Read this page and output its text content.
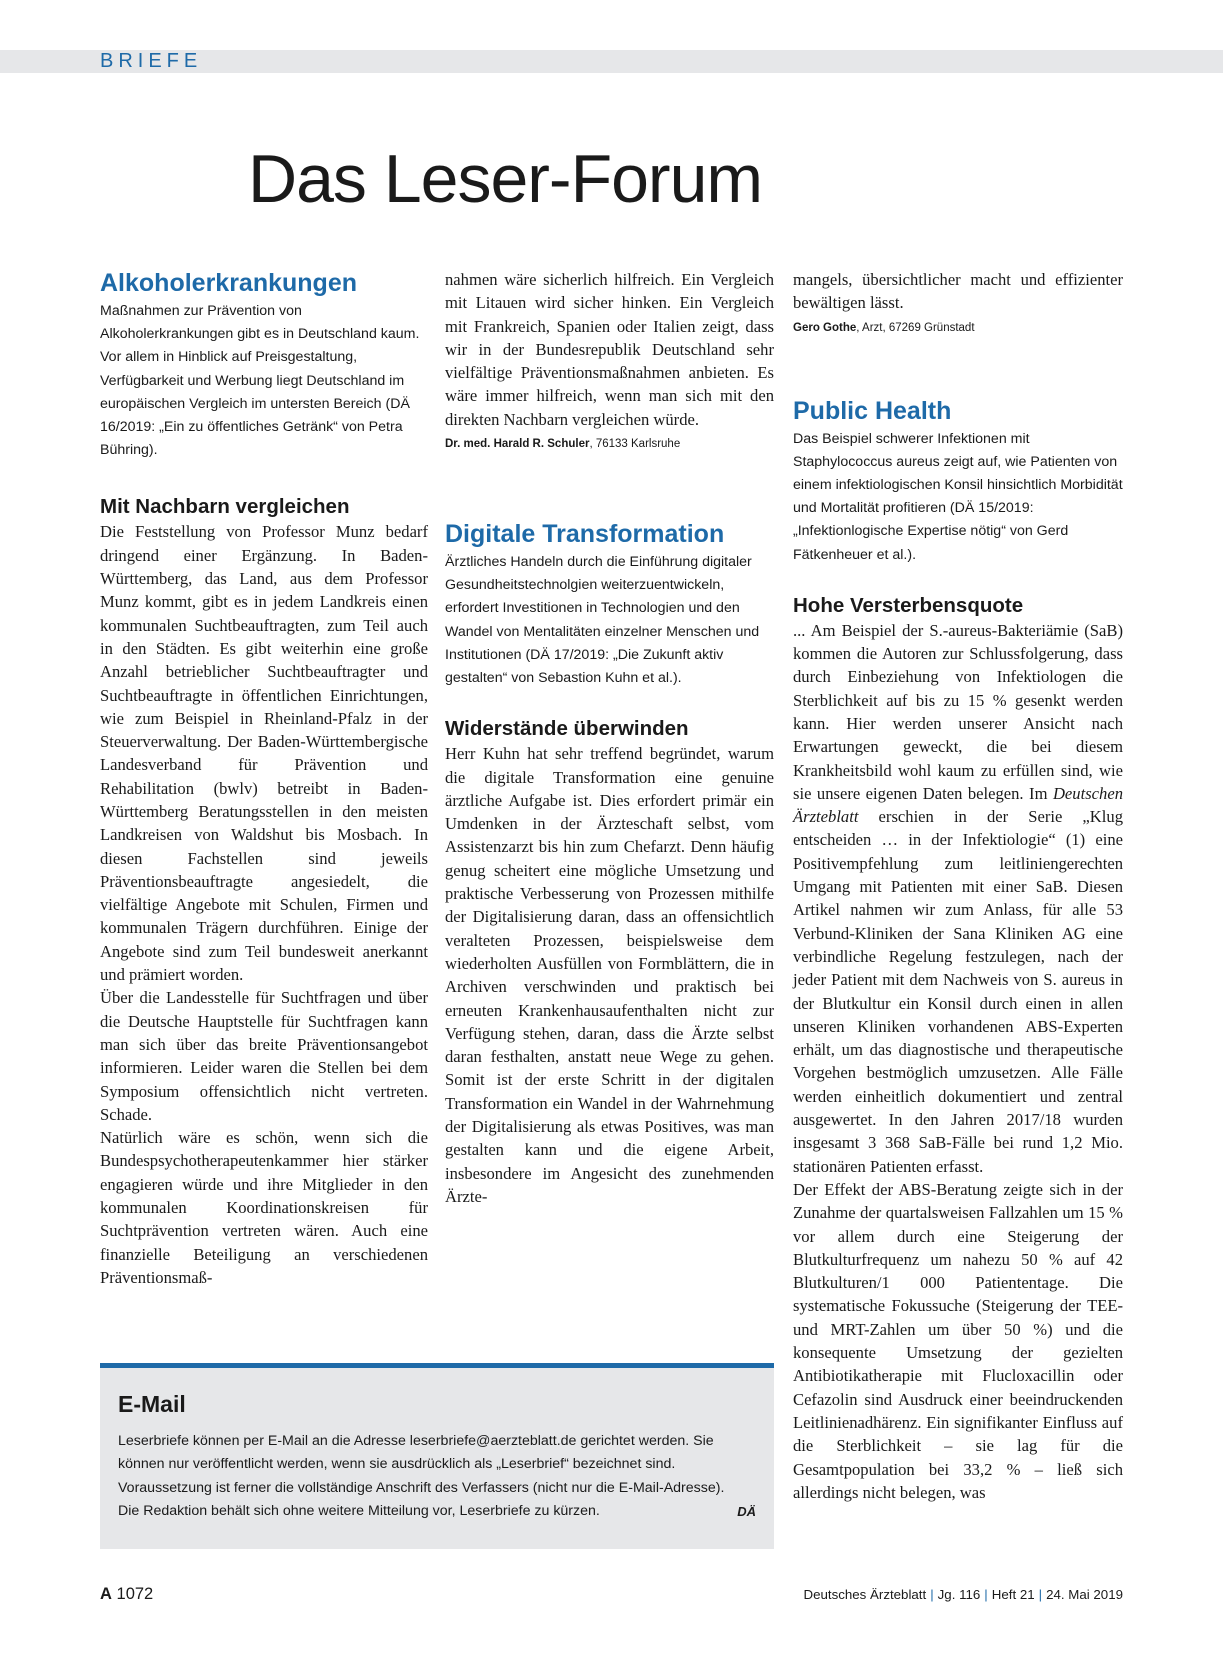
BRIEFE
Das Leser-Forum
Alkoholerkrankungen

Maßnahmen zur Prävention von Alkoholerkrankungen gibt es in Deutschland kaum. Vor allem in Hinblick auf Preisgestaltung, Verfügbarkeit und Werbung liegt Deutschland im europäischen Vergleich im untersten Bereich (DÄ 16/2019: „Ein zu öffentliches Getränk“ von Petra Bühring).

Mit Nachbarn vergleichen

Die Feststellung von Professor Munz bedarf dringend einer Ergänzung. In Baden-Württemberg, das Land, aus dem Professor Munz kommt, gibt es in jedem Landkreis einen kommunalen Suchtbeauftragten, zum Teil auch in den Städten. Es gibt weiterhin eine große Anzahl betrieblicher Suchtbeauftragter und Suchtbeauftragte in öffentlichen Einrichtungen, wie zum Beispiel in Rheinland-Pfalz in der Steuerverwaltung. Der Baden-Württembergische Landesverband für Prävention und Rehabilitation (bwlv) betreibt in Baden-Württemberg Beratungsstellen in den meisten Landkreisen von Waldshut bis Mosbach. In diesen Fachstellen sind jeweils Präventionsbeauftragte angesiedelt, die vielfältige Angebote mit Schulen, Firmen und kommunalen Trägern durchführen. Einige der Angebote sind zum Teil bundesweit anerkannt und prämiert worden.

Über die Landesstelle für Suchtfragen und über die Deutsche Hauptstelle für Suchtfragen kann man sich über das breite Präventionsangebot informieren. Leider waren die Stellen bei dem Symposium offensichtlich nicht vertreten. Schade.

Natürlich wäre es schön, wenn sich die Bundespsychotherapeutenkammer hier stärker engagieren würde und ihre Mitglieder in den kommunalen Koordinationskreisen für Suchtprävention vertreten wären. Auch eine finanzielle Beteiligung an verschiedenen Präventionsmaß-

nahmen wäre sicherlich hilfreich. Ein Vergleich mit Litauen wird sicher hinken. Ein Vergleich mit Frankreich, Spanien oder Italien zeigt, dass wir in der Bundesrepublik Deutschland sehr vielfältige Präventionsmaßnahmen anbieten. Es wäre immer hilfreich, wenn man sich mit den direkten Nachbarn vergleichen würde.

Dr. med. Harald R. Schuler, 76133 Karlsruhe

Digitale Transformation

Ärztliches Handeln durch die Einführung digitaler Gesundheitstechnolgien weiterzuentwickeln, erfordert Investitionen in Technologien und den Wandel von Mentalitäten einzelner Menschen und Institutionen (DÄ 17/2019: „Die Zukunft aktiv gestalten“ von Sebastion Kuhn et al.).

Widerstände überwinden

Herr Kuhn hat sehr treffend begründet, warum die digitale Transformation eine genuine ärztliche Aufgabe ist. Dies erfordert primär ein Umdenken in der Ärzteschaft selbst, vom Assistenzarzt bis hin zum Chefarzt. Denn häufig genug scheitert eine mögliche Umsetzung und praktische Verbesserung von Prozessen mithilfe der Digitalisierung daran, dass an offensichtlich veralteten Prozessen, beispielsweise dem wiederholten Ausfüllen von Formblättern, die in Archiven verschwinden und praktisch bei erneuten Krankenhausaufenthalten nicht zur Verfügung stehen, daran, dass die Ärzte selbst daran festhalten, anstatt neue Wege zu gehen. Somit ist der erste Schritt in der digitalen Transformation ein Wandel in der Wahrnehmung der Digitalisierung als etwas Positives, was man gestalten kann und die eigene Arbeit, insbesondere im Angesicht des zunehmenden Ärzte-

mangels, übersichtlicher macht und effizienter bewältigen lässt.

Gero Gothe, Arzt, 67269 Grünstadt

Public Health

Das Beispiel schwerer Infektionen mit Staphylococcus aureus zeigt auf, wie Patienten von einem infektiologischen Konsil hinsichtlich Morbidität und Mortalität profitieren (DÄ 15/2019: „Infektionlogische Expertise nötig“ von Gerd Fätkenheuer et al.).

Hohe Versterbensquote

... Am Beispiel der S.-aureus-Bakteriämie (SaB) kommen die Autoren zur Schlussfolgerung, dass durch Einbeziehung von Infektiologen die Sterblichkeit auf bis zu 15 % gesenkt werden kann. Hier werden unserer Ansicht nach Erwartungen geweckt, die bei diesem Krankheitsbild wohl kaum zu erfüllen sind, wie sie unsere eigenen Daten belegen. Im Deutschen Ärzteblatt erschien in der Serie „Klug entscheiden … in der Infektiologie“ (1) eine Positivempfehlung zum leitliniengerechten Umgang mit Patienten mit einer SaB. Diesen Artikel nahmen wir zum Anlass, für alle 53 Verbund-Kliniken der Sana Kliniken AG eine verbindliche Regelung festzulegen, nach der jeder Patient mit dem Nachweis von S. aureus in der Blutkultur ein Konsil durch einen in allen unseren Kliniken vorhandenen ABS-Experten erhält, um das diagnostische und therapeutische Vorgehen bestmöglich umzusetzen. Alle Fälle werden einheitlich dokumentiert und zentral ausgewertet. In den Jahren 2017/18 wurden insgesamt 3 368 SaB-Fälle bei rund 1,2 Mio. stationären Patienten erfasst.

Der Effekt der ABS-Beratung zeigte sich in der Zunahme der quartalsweisen Fallzahlen um 15 % vor allem durch eine Steigerung der Blutkulturfrequenz um nahezu 50 % auf 42 Blutkulturen/1 000 Patiententage. Die systematische Fokussuche (Steigerung der TEE- und MRT-Zahlen um über 50 %) und die konsequente Umsetzung der gezielten Antibiotikatherapie mit Flucloxacillin oder Cefazolin sind Ausdruck einer beeindruckenden Leitlinienadhärenz. Ein signifikanter Einfluss auf die Sterblichkeit – sie lag für die Gesamtpopulation bei 33,2 % – ließ sich allerdings nicht belegen, was

E-Mail
Leserbriefe können per E-Mail an die Adresse leserbriefe@aerzteblatt.de gerichtet werden. Sie können nur veröffentlicht werden, wenn sie ausdrücklich als „Leserbrief“ bezeichnet sind. Voraussetzung ist ferner die vollständige Anschrift des Verfassers (nicht nur die E-Mail-Adresse). Die Redaktion behält sich ohne weitere Mitteilung vor, Leserbriefe zu kürzen.	DÄ
A 1072	Deutsches Ärzteblatt | Jg. 116 | Heft 21 | 24. Mai 2019
